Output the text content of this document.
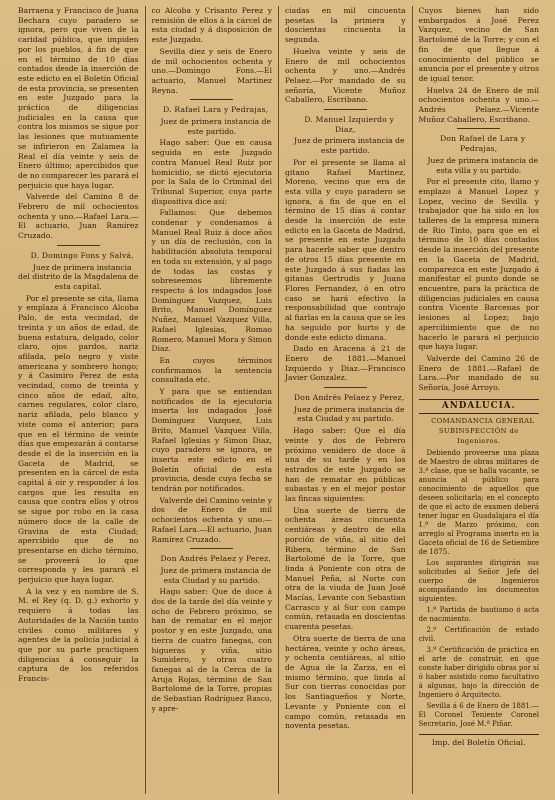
Barraena y Francisco de Juana Bechara cuyo paradero se ignora, pero que viven de la caridad pública, que impiden por los pueblos, á fin de que en el término de 10 días contados desde la inserción de este edicto en el Boletín Oficial de esta provincia, se presenten en este Juzgado para la práctica de diligencias judiciales en la causa que contra los mismos se sigue por las lesiones que mutuamente se infirieron en Zalamea la Real el día veinte y seis de Enero último; apercibidos que de no comparecer les parará el perjuicio que haya lugar.

Valverde del Camino 8 de Febrero de mil ochocientos ochenta y uno.—Rafael Lara.—El actuario, Juan Ramírez Cruzado.

D. Domingo Fons y Salvá,

Juez de primera instancia del distrito de la Magdalena de esta capital.

Por el presente se cita, llama y emplaza á Francisco Alcoba Palo, de esta vecindad, de treinta y un años de edad, de buena estatura, delgado, color claro, ojos pardos, nariz afilada, pelo negro y viste americana y sombrero hongo; y á Casimiro Perez de esta vecindad, como de treinta y cinco años de edad, alto, carnes regulares, color claro, nariz afilada, pelo blanco y viste como el anterior; para que en el término de veinte días que empezarán á contarse desde el de la inserción en la Gaceta de Madrid, se presenten en la cárcel de esta capital á oir y responder á los cargos que les resulta en causa que contra ellos y otros se sigue por robo en la casa número doce de la calle de Gravina de esta Ciudad; apercibido que de no presentarse en dicho término, se proveerá lo que corresponda y les parará el perjuicio que haya lugar.

A la vez y en nombre de S. M. el Rey (q. D. g.) exhorto y requiero á todas las Autoridades de la Nación tanto civiles como militares y agentes de la policía judicial á que por su parte practiquen diligencias á conseguir la captura de los referidos Francis-

co Alcoba y Crisanto Perez y remisión de ellos á la cárcel de esta ciudad y á disposición de este Juzgado.

Sevilla diez y seis de Enero de mil ochocientos ochenta y uno.—Domingo Fons.—El actuario, Manuel Martinez Reyna.

D. Rafael Lara y Pedrajas,

Juez de primera instancia de este partido.

Hago saber: Que en causa seguida en este Juzgado contra Manuel Real Ruiz por homicidio, se dictó ejecutoria por la Sala de lo Criminal del Tribunal Superior, cuya parte dispositiva dice así:

Fallamos: Que debemos condenar y condenamos á Manuel Real Ruiz á doce años y un día de reclusión, con la habilitación absoluta temporal en toda su extensión, y al pago de todas las costas y sobreseemos libremente respecto á los indagados José Domínguez Vazquez, Luis Brito, Manuel Domínguez Nuñez, Manuel Vazquez Villa, Rafael Iglesias, Romao Romero, Manuel Mora y Simon Diaz.

En cuyos términos confirmamos la sentencia consultada etc.

Y para que se entiendan notificados de la ejecutoria inserta los indagados José Domínguez Vazquez, Luis Brito, Manuel Vazquez Villa, Rafael Iglesias y Simon Diaz, cuyo paradero se ignora, se inserta este edicto en el Boletín oficial de esta provincia, desde cuya fecha se tendrán por notificados.

Valverde del Camino veinte y dos de Enero de mil ochocientos ochenta y uno.—Rafael Lara.—El actuario, Juan Ramírez Cruzado.

Don Andrés Pelaez y Perez,

Juez de primera instancia de esta Ciudad y su partido.

Hago saber: Que de doce á dos de la tarde del día veinte y ocho de Febrero próximo, se han de rematar en el mejor postor y en este Juzgado, una tierra de cuatro fanegas, con higueras y viña, sitio Sumidero, y otras cuatro fanegas al de la Cerca de la Aruja Rojas, término de San Bartolomé de la Torre, propias de Sebastian Rodríguez Rasco, y apre-

ciadas en mil cincuenta pesetas la primera y doscientas cincuenta la segunda.

Huelva veinte y seis de Enero de mil ochocientos ochenta y uno.—Andrés Pelaez.—Por mandado de su señoría, Vicente Muñoz Caballero, Escribano.

D. Manuel Izquierdo y Diaz,

Juez de primera instancia de este partido.

Por el presente se llama al gitano Rafael Martinez, Moreno, vecino que era de esta villa y cuyo paradero se ignora, á fin de que en el término de 15 días á contar desde la inserción de este edicto en la Gaceta de Madrid, se presente en este Juzgado para hacerle saber que dentro de otros 15 días presente en este Juzgado á sus fiadas las gitanas Gertrudis y Juana Flores Fernandez, ó en otro caso se hará efectivo la responsabilidad que contrajo al fiarlas en la causa que se les ha seguido por hurto y de donde este edicto dimana.

Dado en Aracena á 21 de Enero de 1881.—Manuel Izquierdo y Diaz.—Francisco Javier Gonzalez.

Don Andrés Pelaez y Perez,

Juez de primera instancia de esta Ciudad y su partido.

Hago saber: Que el día veinte y dos de Febrero próximo venidero de doce á una de su tarde y en los estrados de este Juzgado se han de rematar en públicas subastas y en el mejor postor las fincas siguientes:

Una suerte de tierra de ochenta áreas cincuenta centiáreas y dentro de ella porción de viña, al sitio del Ribera, término de San Bartolomé de la Torre, que linda á Poniente con otra de Manuel Peña, al Norte con otra de la viuda de Juan José Macías, Levante con Sebastian Carrasco y al Sur con campo común, retasada en doscientas cuarenta pesetas.

Otra suerte de tierra de una hectárea, veinte y ocho áreas, y ochenta centiáreas, al sitio de Agua de la Zarza, en el mismo término, que linda al Sur con tierras conocidas por los Santiagueños y Norte, Levante y Poniente con el campo común, retasada en noventa pesetas.

Cuyos bienes han sido embargados á José Perez Vazquez, vecino de San Bartolomé de la Torre; y con el fin de que llegue á conocimiento del público se anuncia por el presente y otros de igual tenor.

Huelva 24 de Enero de mil ochocientos ochenta y uno.—Andrés Pelaez.—Vicente Muñoz Caballero, Escribano.

Don Rafael de Lara y Pedrajas,

Juez de primera instancia de esta villa y su partido.

Por el presente cito, llamo y emplazo á Manuel Lopez y Lopez, vecino de Sevilla y trabajador que ha sido en los talleres de la empresa minera de Rio Tinto, para que en el término de 10 días contados desde la inserción del presente en la Gaceta de Madrid, comparezca en este Juzgado á manifestar el punto donde se encuentre, para la práctica de diligencias judiciales en causa contra Vicente Barcenas por lesiones al Lopez; bajo apercibimiento que de no hacerlo le parará el perjuicio que haya lugar.

Valverde del Camino 26 de Enero de 1881.—Rafael de Lara.—Por mandado de su Señoría, José Arroyo.

ANDALUCIA.

COMANDANCIA GENERAL SUBINSPECCIÓN de Ingenieros.

Debiendo proveerse una plaza de Maestro de obras militares de 3.ª clase, que se halla vacante, se anuncia al público para conocimiento de aquellos que deseen solicitarla; en el concepto de que el acto de examen deberá tener lugar en Guadalajara el día 1.º de Marzo próximo, con arreglo al Programa inserto en la Gaceta oficial de 16 de Setiembre de 1875.

Los aspirantes dirigirán sus solicitudes al Señor Jefe del cuerpo de Ingenieros acompañando los documentos siguientes:

1.º Partida de bautismo ó acta de nacimiento.

2.º Certificación de estado civil.

3.º Certificación de práctica en el arte de construir, en que conste haber dirigido obras por sí ó haber asistido como facultativo á algunas, bajo la dirección de Ingeniero ó Arquitecto.

Sevilla á 6 de Enero de 1881.—El Coronel Teniente Coronel Secretario, José M.ª Piñar.

Imp. del Boletín Oficial.
